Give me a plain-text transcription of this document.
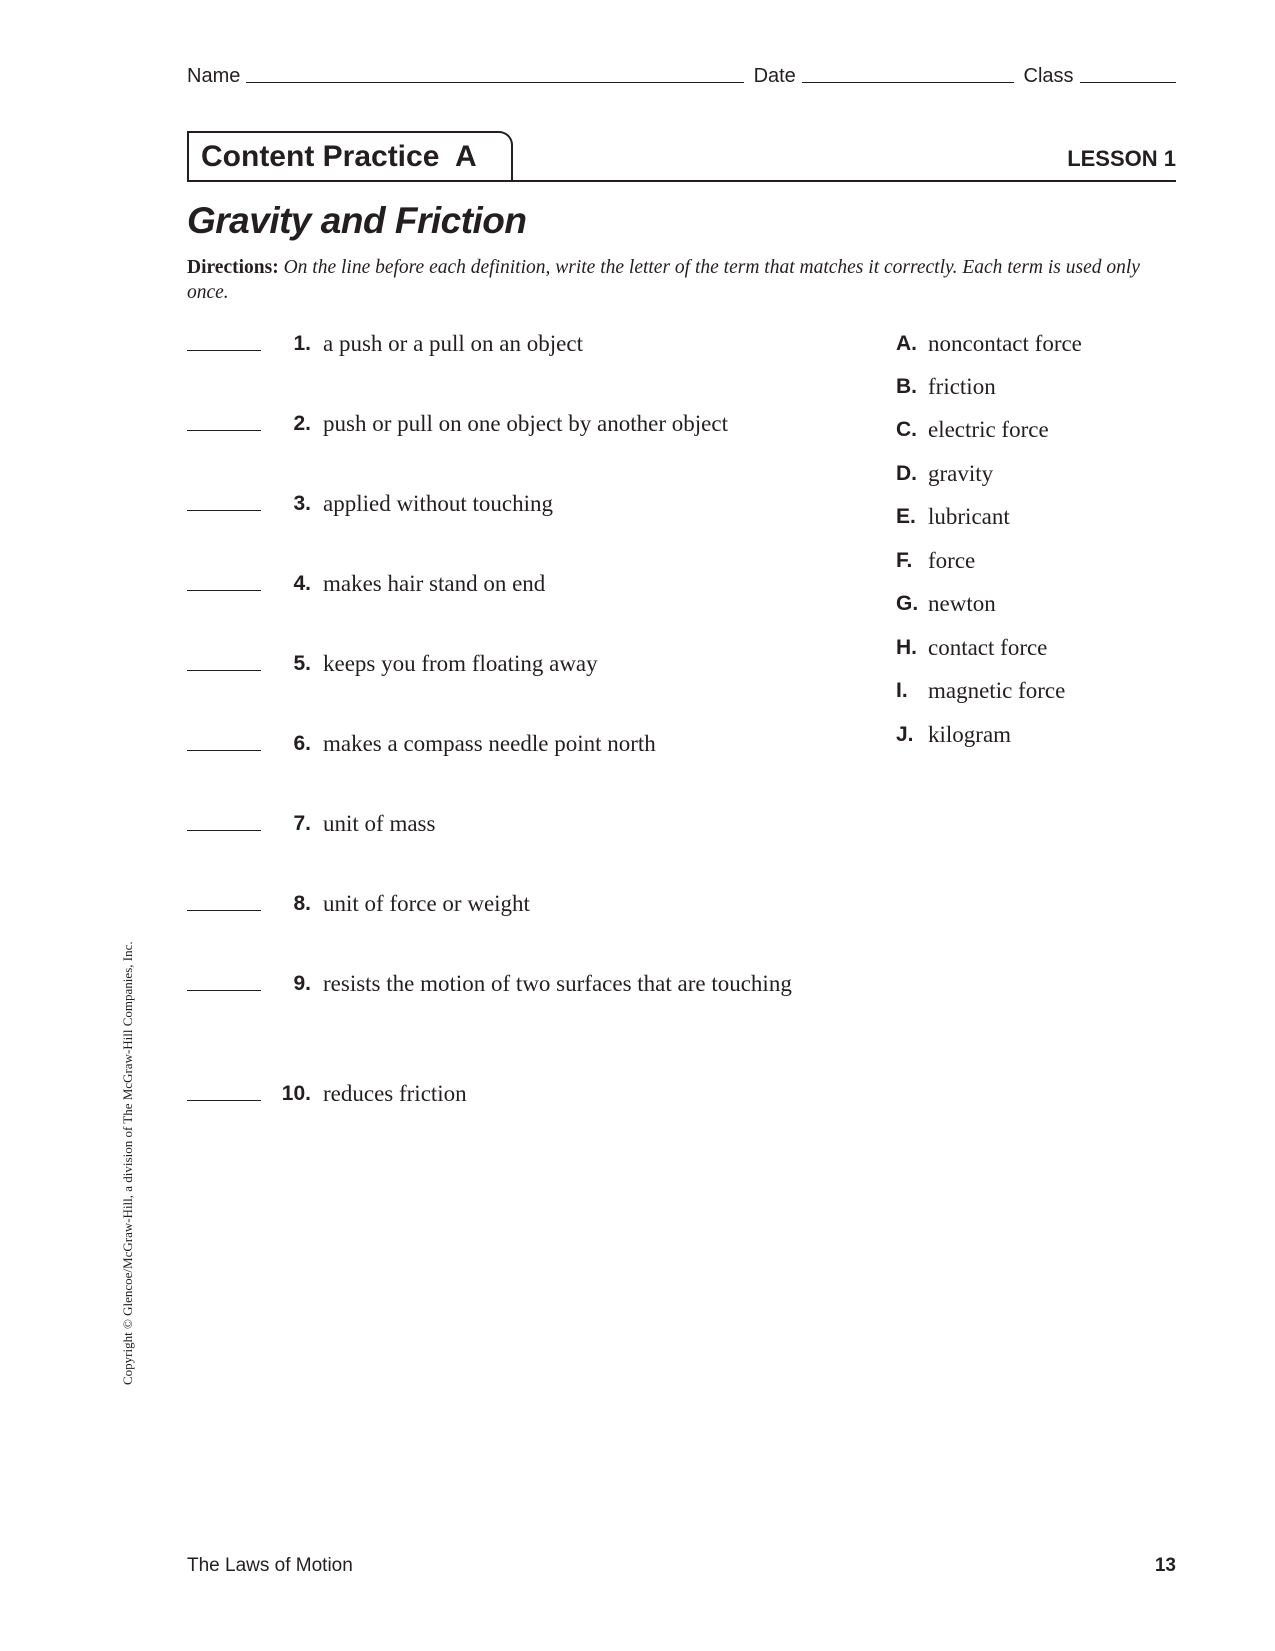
Name	Date	Class
Content Practice  A	LESSON 1
Gravity and Friction
Directions: On the line before each definition, write the letter of the term that matches it correctly. Each term is used only once.
1. a push or a pull on an object
2. push or pull on one object by another object
3. applied without touching
4. makes hair stand on end
5. keeps you from floating away
6. makes a compass needle point north
7. unit of mass
8. unit of force or weight
9. resists the motion of two surfaces that are touching
10. reduces friction
A. noncontact force
B. friction
C. electric force
D. gravity
E. lubricant
F. force
G. newton
H. contact force
I. magnetic force
J. kilogram
Copyright © Glencoe/McGraw-Hill, a division of The McGraw-Hill Companies, Inc.
The Laws of Motion	13
